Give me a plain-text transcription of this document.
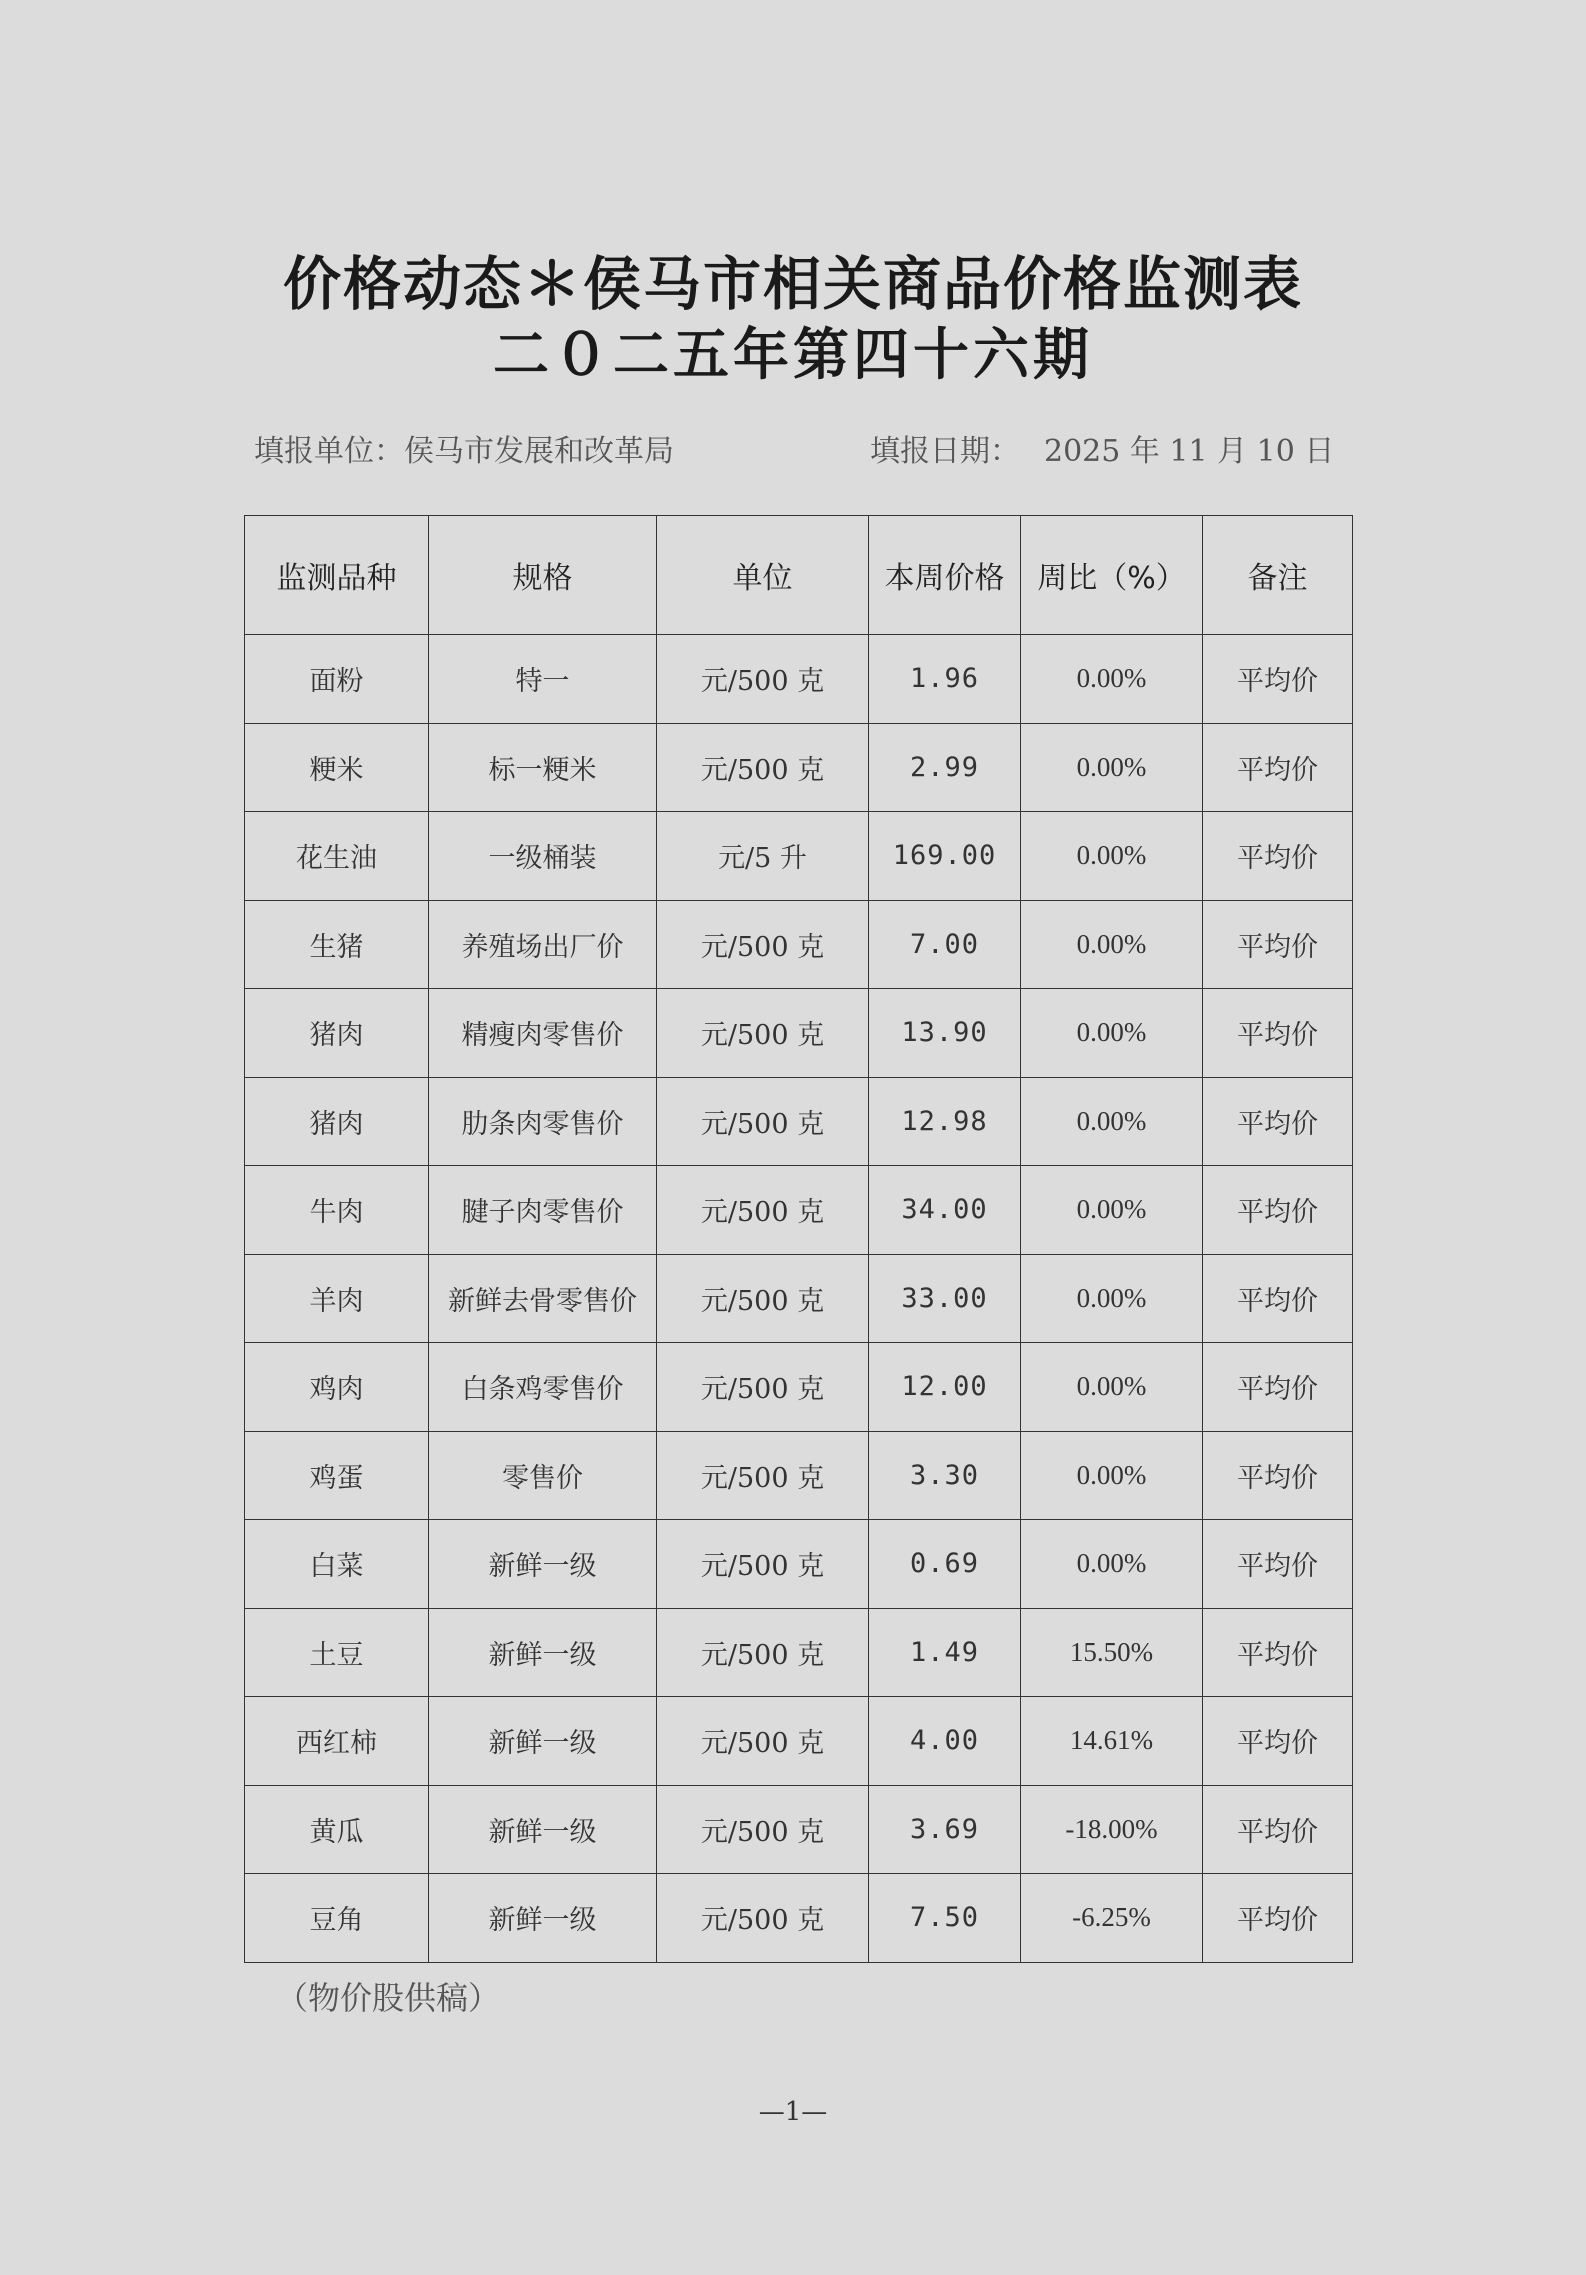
价格动态＊侯马市相关商品价格监测表
二０二五年第四十六期
填报单位：侯马市发展和改革局	填报日期： 2025 年 11 月 10 日
监测品种	规格	单位	本周价格	周比（%）	备注
面粉	特一	元/500 克	1.96	0.00%	平均价
粳米	标一粳米	元/500 克	2.99	0.00%	平均价
花生油	一级桶装	元/5 升	169.00	0.00%	平均价
生猪	养殖场出厂价	元/500 克	7.00	0.00%	平均价
猪肉	精瘦肉零售价	元/500 克	13.90	0.00%	平均价
猪肉	肋条肉零售价	元/500 克	12.98	0.00%	平均价
牛肉	腱子肉零售价	元/500 克	34.00	0.00%	平均价
羊肉	新鲜去骨零售价	元/500 克	33.00	0.00%	平均价
鸡肉	白条鸡零售价	元/500 克	12.00	0.00%	平均价
鸡蛋	零售价	元/500 克	3.30	0.00%	平均价
白菜	新鲜一级	元/500 克	0.69	0.00%	平均价
土豆	新鲜一级	元/500 克	1.49	15.50%	平均价
西红柿	新鲜一级	元/500 克	4.00	14.61%	平均价
黄瓜	新鲜一级	元/500 克	3.69	-18.00%	平均价
豆角	新鲜一级	元/500 克	7.50	-6.25%	平均价
（物价股供稿）
—1—
